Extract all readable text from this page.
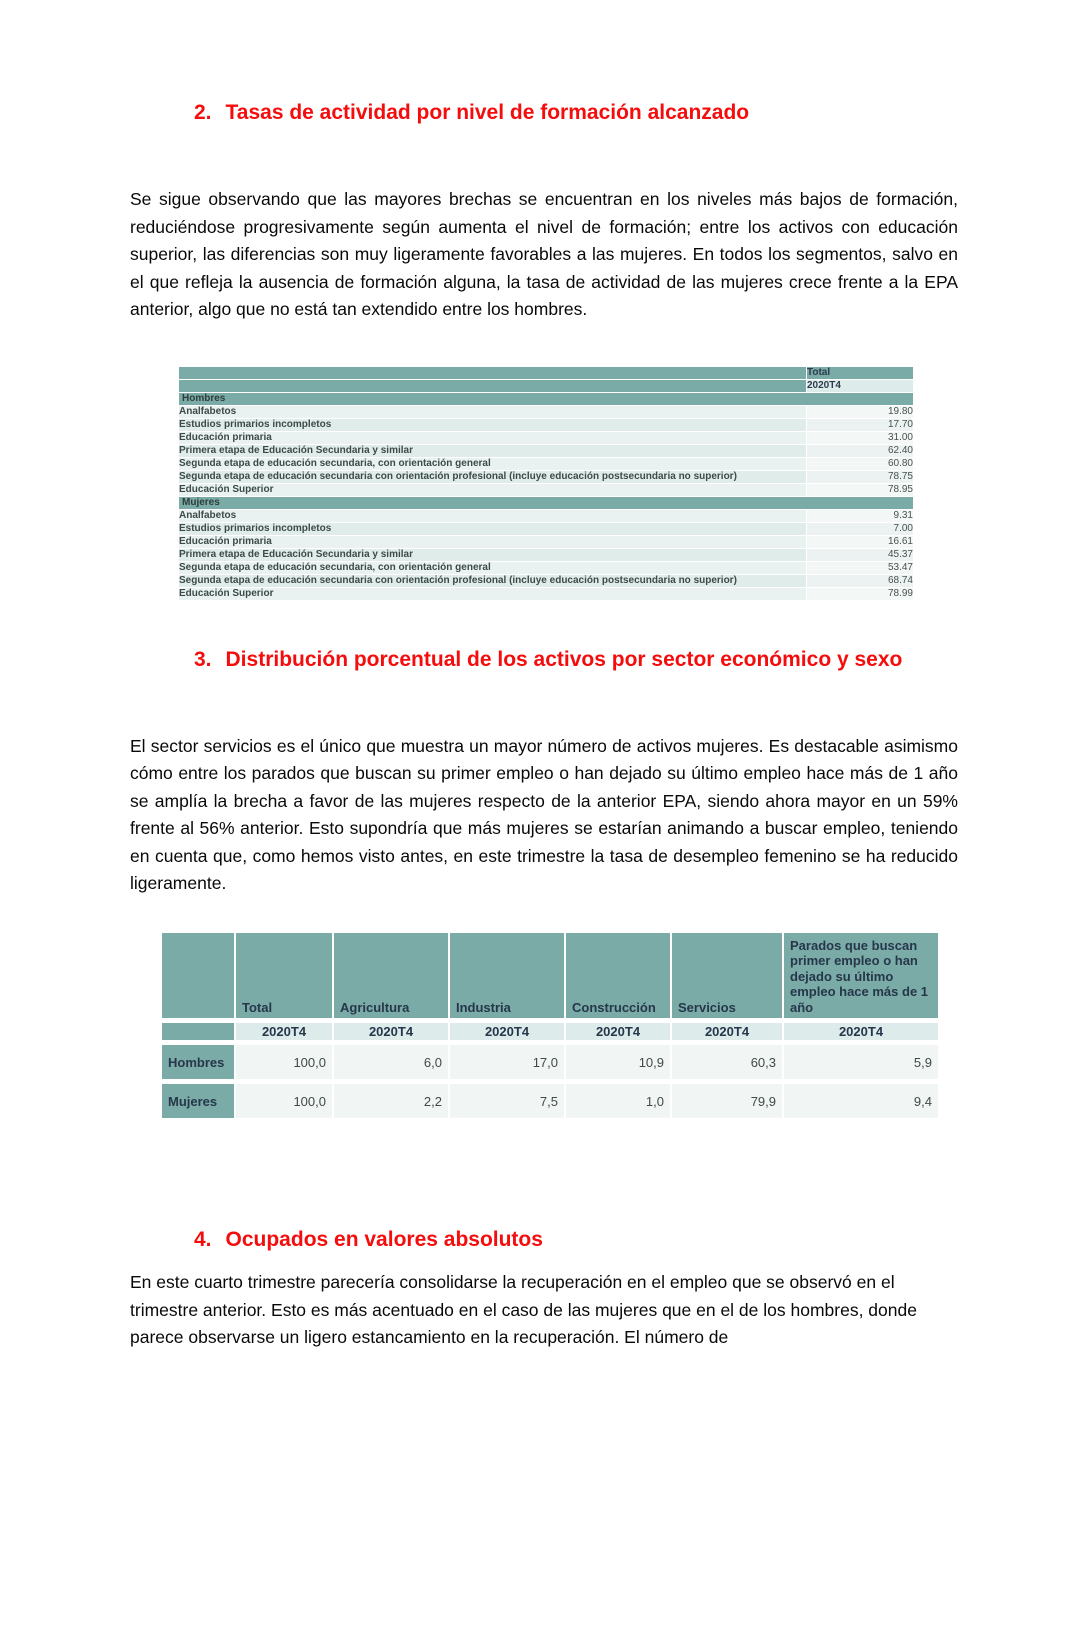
2. Tasas de actividad por nivel de formación alcanzado

Se sigue observando que las mayores brechas se encuentran en los niveles más bajos de formación, reduciéndose progresivamente según aumenta el nivel de formación; entre los activos con educación superior, las diferencias son muy ligeramente favorables a las mujeres. En todos los segmentos, salvo en el que refleja la ausencia de formación alguna, la tasa de actividad de las mujeres crece frente a la EPA anterior, algo que no está tan extendido entre los hombres.

	Total
	2020T4
Hombres	
Analfabetos	19.80
Estudios primarios incompletos	17.70
Educación primaria	31.00
Primera etapa de Educación Secundaria y similar	62.40
Segunda etapa de educación secundaria, con orientación general	60.80
Segunda etapa de educación secundaria con orientación profesional (incluye educación postsecundaria no superior)	78.75
Educación Superior	78.95
Mujeres	
Analfabetos	9.31
Estudios primarios incompletos	7.00
Educación primaria	16.61
Primera etapa de Educación Secundaria y similar	45.37
Segunda etapa de educación secundaria, con orientación general	53.47
Segunda etapa de educación secundaria con orientación profesional (incluye educación postsecundaria no superior)	68.74
Educación Superior	78.99
3. Distribución porcentual de los activos por sector económico y sexo

El sector servicios es el único que muestra un mayor número de activos mujeres. Es destacable asimismo cómo entre los parados que buscan su primer empleo o han dejado su último empleo hace más de 1 año se amplía la brecha a favor de las mujeres respecto de la anterior EPA, siendo ahora mayor en un 59% frente al 56% anterior. Esto supondría que más mujeres se estarían animando a buscar empleo, teniendo en cuenta que, como hemos visto antes, en este trimestre la tasa de desempleo femenino se ha reducido ligeramente.

	Total	Agricultura	Industria	Construcción	Servicios	Parados que buscan primer empleo o han dejado su último empleo hace más de 1 año
	2020T4	2020T4	2020T4	2020T4	2020T4	2020T4
Hombres	100,0	6,0	17,0	10,9	60,3	5,9
Mujeres	100,0	2,2	7,5	1,0	79,9	9,4
4. Ocupados en valores absolutos

En este cuarto trimestre parecería consolidarse la recuperación en el empleo que se observó en el trimestre anterior. Esto es más acentuado en el caso de las mujeres que en el de los hombres, donde parece observarse un ligero estancamiento en la recuperación. El número de
